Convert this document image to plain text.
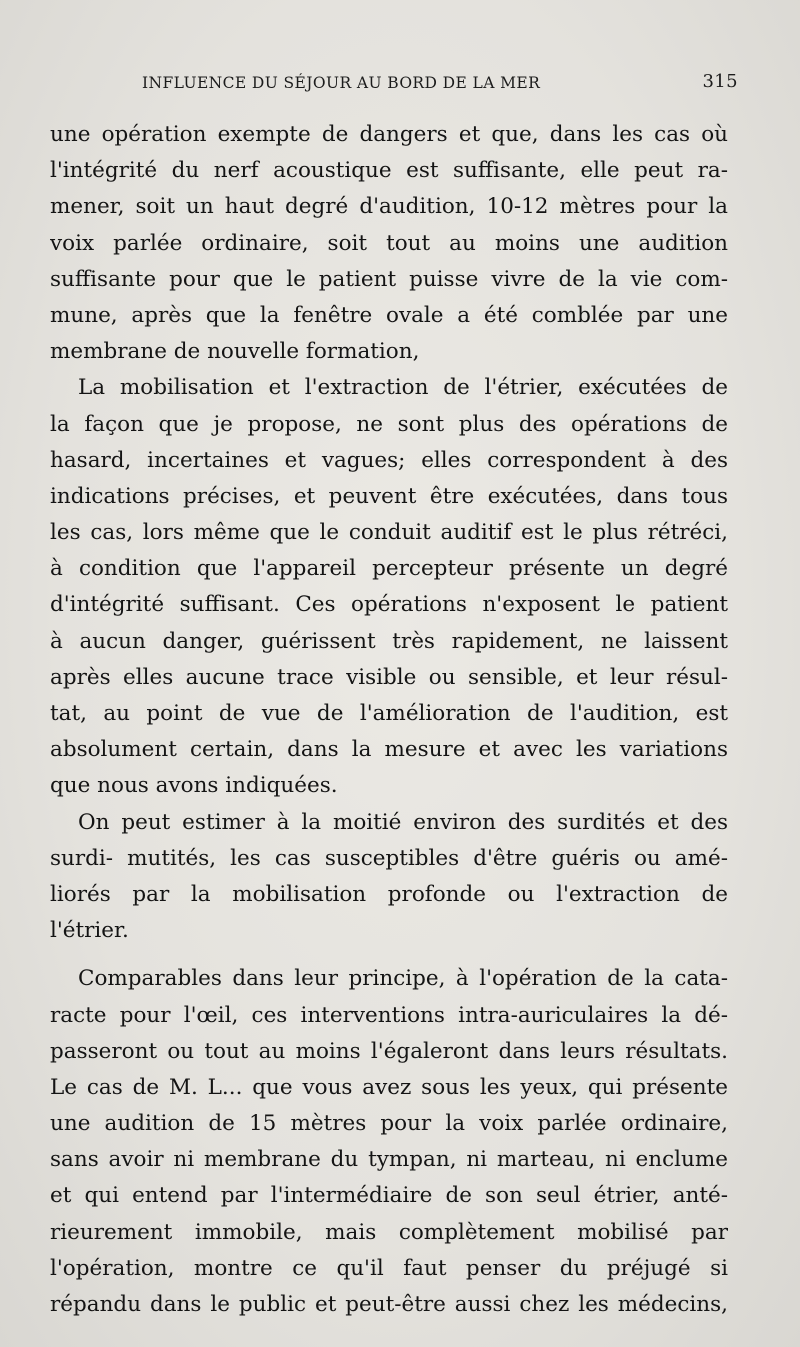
INFLUENCE DU SÉJOUR AU BORD DE LA MER	315
une opération exempte de dangers et que, dans les cas où
l'intégrité du nerf acoustique est suffisante, elle peut ra-
mener, soit un haut degré d'audition, 10-12 mètres pour la
voix parlée ordinaire, soit tout au moins une audition
suffisante pour que le patient puisse vivre de la vie com-
mune, après que la fenêtre ovale a été comblée par une
membrane de nouvelle formation,
La mobilisation et l'extraction de l'étrier, exécutées de
la façon que je propose, ne sont plus des opérations de
hasard, incertaines et vagues; elles correspondent à des
indications précises, et peuvent être exécutées, dans tous
les cas, lors même que le conduit auditif est le plus rétréci,
à condition que l'appareil percepteur présente un degré
d'intégrité suffisant. Ces opérations n'exposent le patient
à aucun danger, guérissent très rapidement, ne laissent
après elles aucune trace visible ou sensible, et leur résul-
tat, au point de vue de l'amélioration de l'audition, est
absolument certain, dans la mesure et avec les variations
que nous avons indiquées.
On peut estimer à la moitié environ des surdités et des
surdi- mutités, les cas susceptibles d'être guéris ou amé-
liorés par la mobilisation profonde ou l'extraction de
l'étrier.
Comparables dans leur principe, à l'opération de la cata-
racte pour l'œil, ces interventions intra-auriculaires la dé-
passeront ou tout au moins l'égaleront dans leurs résultats.
Le cas de M. L... que vous avez sous les yeux, qui présente
une audition de 15 mètres pour la voix parlée ordinaire,
sans avoir ni membrane du tympan, ni marteau, ni enclume
et qui entend par l'intermédiaire de son seul étrier, anté-
rieurement immobile, mais complètement mobilisé par
l'opération, montre ce qu'il faut penser du préjugé si
répandu dans le public et peut-être aussi chez les médecins,
